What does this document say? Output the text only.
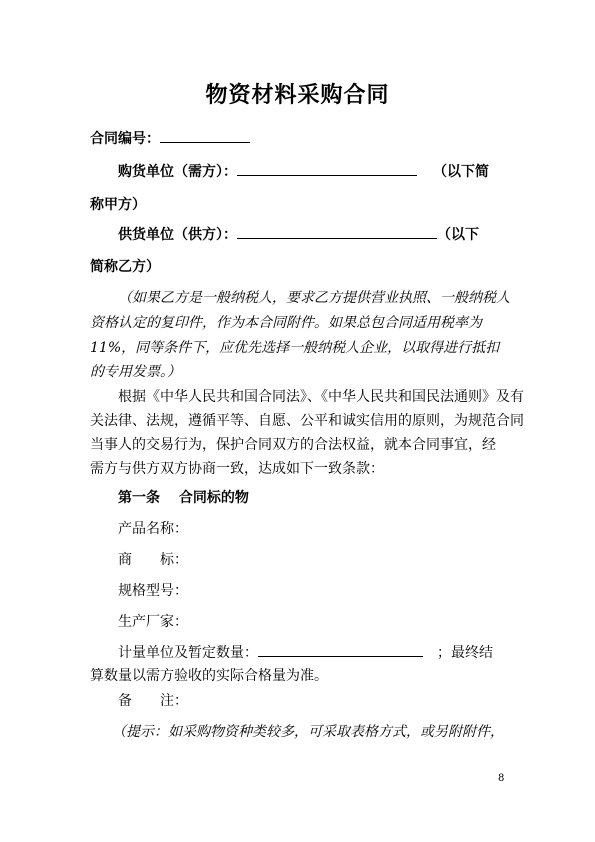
物资材料采购合同
合同编号：
购货单位（需方）：	（以下简
称甲方）
供货单位（供方）：	（以下
简称乙方）
（如果乙方是一般纳税人，要求乙方提供营业执照、一般纳税人
资格认定的复印件，作为本合同附件。如果总包合同适用税率为
11%，同等条件下，应优先选择一般纳税人企业，以取得进行抵扣
的专用发票。）
根据《中华人民共和国合同法》、《中华人民共和国民法通则》及有
关法律、法规，遵循平等、自愿、公平和诚实信用的原则，为规范合同
当事人的交易行为，保护合同双方的合法权益，就本合同事宜，经
需方与供方双方协商一致，达成如下一致条款：
第一条　 合同标的物
产品名称：
商　　标：
规格型号：
生产厂家：
计量单位及暂定数量：	；最终结
算数量以需方验收的实际合格量为准。
备　　注：
（提示：如采购物资种类较多，可采取表格方式，或另附附件，
8
